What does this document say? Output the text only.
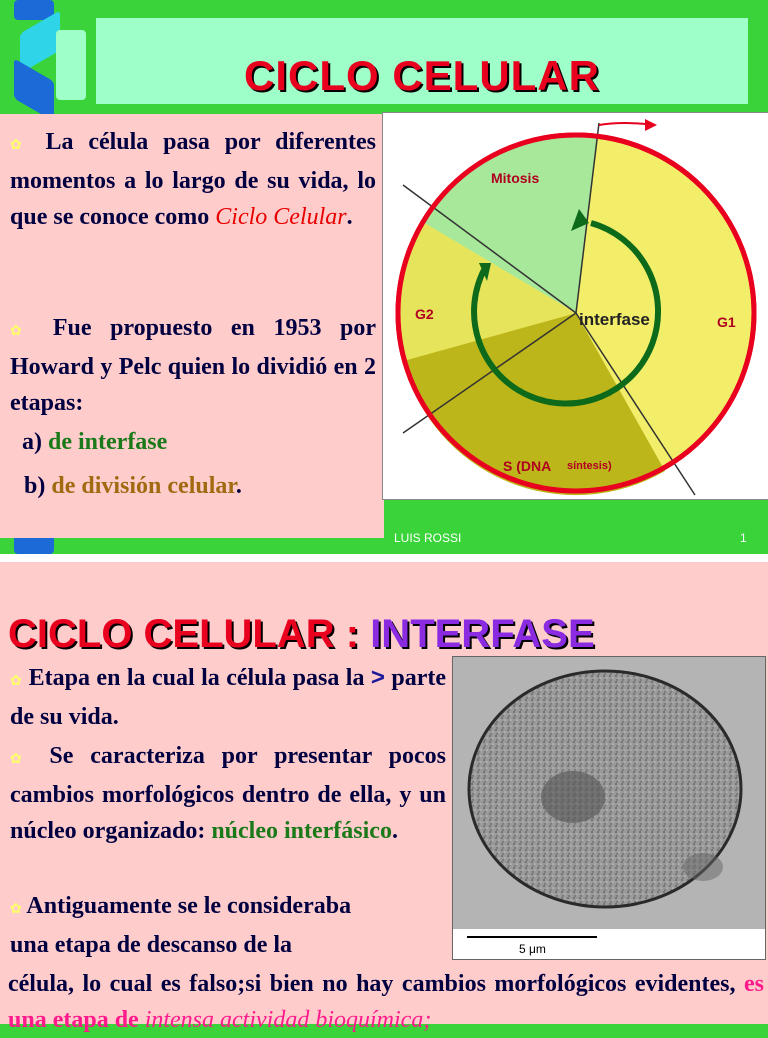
CICLO CELULAR
✿ La célula pasa por diferentes momentos a lo largo de su vida, lo que se conoce como Ciclo Celular.
✿ Fue propuesto en 1953 por Howard y Pelc quien lo dividió en 2 etapas:
a) de interfase
b) de división celular.
Mitosis
G2	G1
interfase
S (DNA síntesis)
LUIS ROSSI	1
CICLO CELULAR : INTERFASE
✿ Etapa en la cual la célula pasa la > parte de su vida.
✿ Se caracteriza por presentar pocos cambios morfológicos dentro de ella, y un núcleo organizado: núcleo interfásico.
✿ Antiguamente se le consideraba
una etapa de descanso de la
célula, lo cual es falso;si bien no hay cambios morfológicos evidentes, es una etapa de intensa actividad bioquímica;
5 μm
